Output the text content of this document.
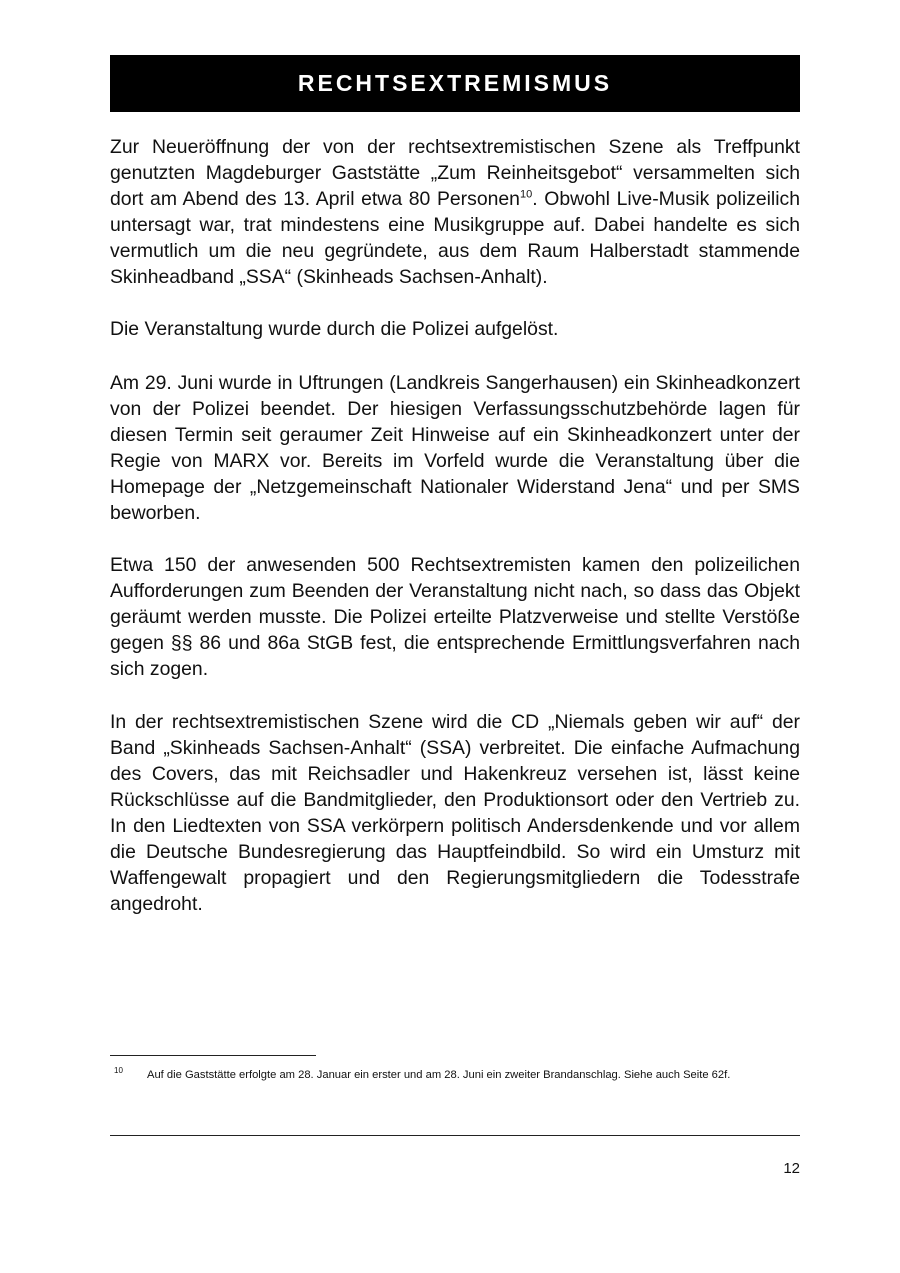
RECHTSEXTREMISMUS

Zur Neueröffnung der von der rechtsextremistischen Szene als Treffpunkt genutzten Magdeburger Gaststätte „Zum Reinheitsgebot“ versammelten sich dort am Abend des 13. April etwa 80 Personen$^{10}$. Obwohl Live-Musik polizeilich untersagt war, trat mindestens eine Musikgruppe auf. Dabei handelte es sich vermutlich um die neu gegründete, aus dem Raum Halberstadt stammende Skinheadband „SSA“ (Skinheads Sachsen-Anhalt).

Die Veranstaltung wurde durch die Polizei aufgelöst.

Am 29. Juni wurde in Uftrungen (Landkreis Sangerhausen) ein Skinheadkonzert von der Polizei beendet. Der hiesigen Verfassungsschutzbehörde lagen für diesen Termin seit geraumer Zeit Hinweise auf ein Skinheadkonzert unter der Regie von MARX vor. Bereits im Vorfeld wurde die Veranstaltung über die Homepage der „Netzgemeinschaft Nationaler Widerstand Jena“ und per SMS beworben.

Etwa 150 der anwesenden 500 Rechtsextremisten kamen den polizeilichen Aufforderungen zum Beenden der Veranstaltung nicht nach, so dass das Objekt geräumt werden musste. Die Polizei erteilte Platzverweise und stellte Verstöße gegen §§ 86 und 86a StGB fest, die entsprechende Ermittlungsverfahren nach sich zogen.

In der rechtsextremistischen Szene wird die CD „Niemals geben wir auf“ der Band „Skinheads Sachsen-Anhalt“ (SSA) verbreitet. Die einfache Aufmachung des Covers, das mit Reichsadler und Hakenkreuz versehen ist, lässt keine Rückschlüsse auf die Bandmitglieder, den Produktionsort oder den Vertrieb zu. In den Liedtexten von SSA verkörpern politisch Andersdenkende und vor allem die Deutsche Bundesregierung das Hauptfeindbild. So wird ein Umsturz mit Waffengewalt propagiert und den Regierungsmitgliedern die Todesstrafe angedroht.

10 Auf die Gaststätte erfolgte am 28. Januar ein erster und am 28. Juni ein zweiter Brandanschlag. Siehe auch Seite 62f.

12
